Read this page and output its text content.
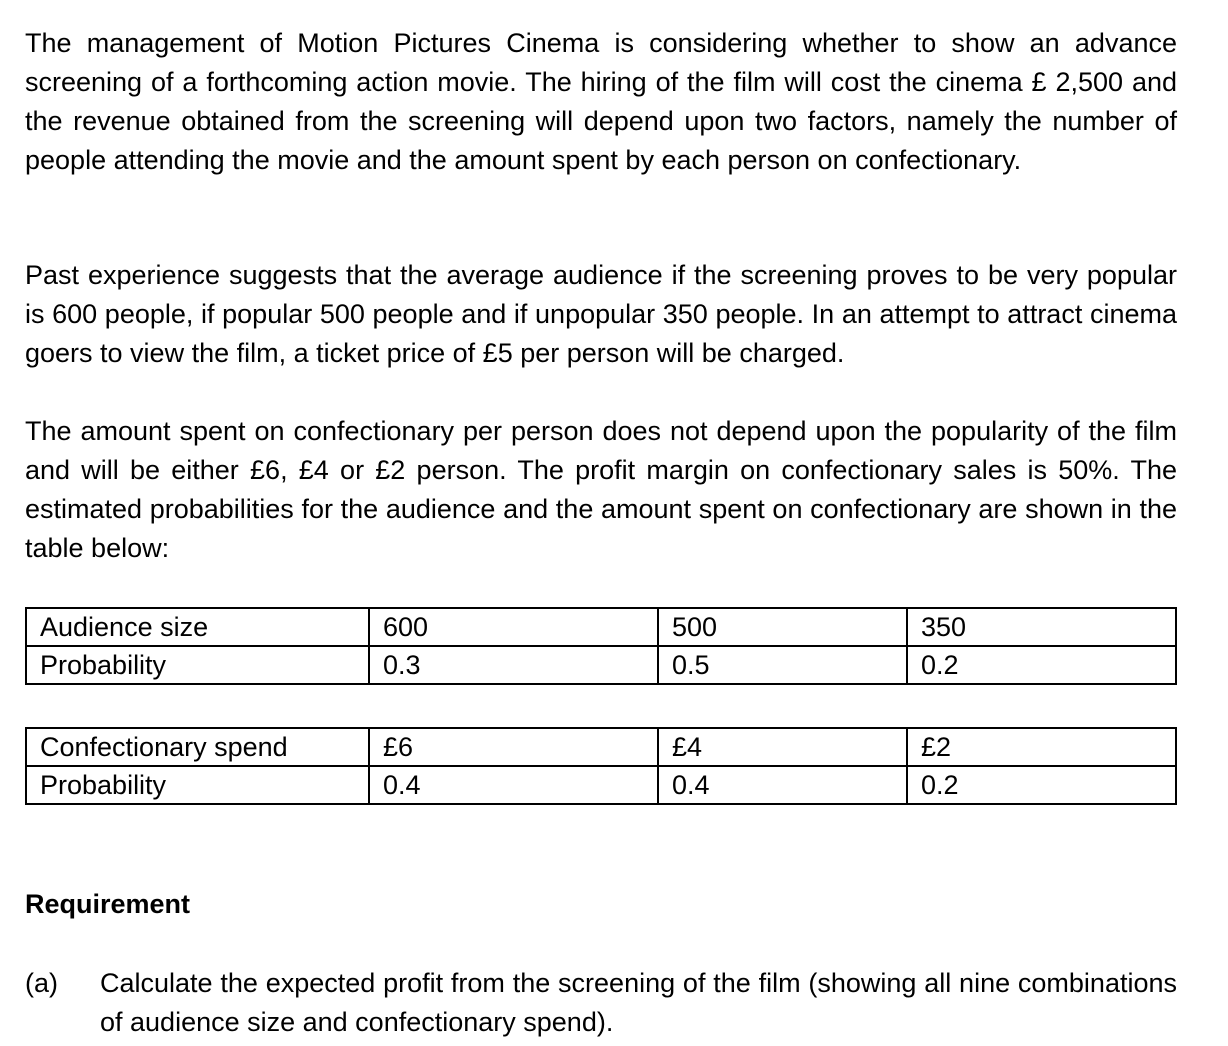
The management of Motion Pictures Cinema is considering whether to show an advance screening of a forthcoming action movie. The hiring of the film will cost the cinema £ 2,500 and the revenue obtained from the screening will depend upon two factors, namely the number of people attending the movie and the amount spent by each person on confectionary.

Past experience suggests that the average audience if the screening proves to be very popular is 600 people, if popular 500 people and if unpopular 350 people. In an attempt to attract cinema goers to view the film, a ticket price of £5 per person will be charged.

The amount spent on confectionary per person does not depend upon the popularity of the film and will be either £6, £4 or £2 person. The profit margin on confectionary sales is 50%. The estimated probabilities for the audience and the amount spent on confectionary are shown in the table below:

Audience size	600	500	350
Probability	0.3	0.5	0.2
Confectionary spend	£6	£4	£2
Probability	0.4	0.4	0.2
Requirement
(a) Calculate the expected profit from the screening of the film (showing all nine combinations of audience size and confectionary spend).
